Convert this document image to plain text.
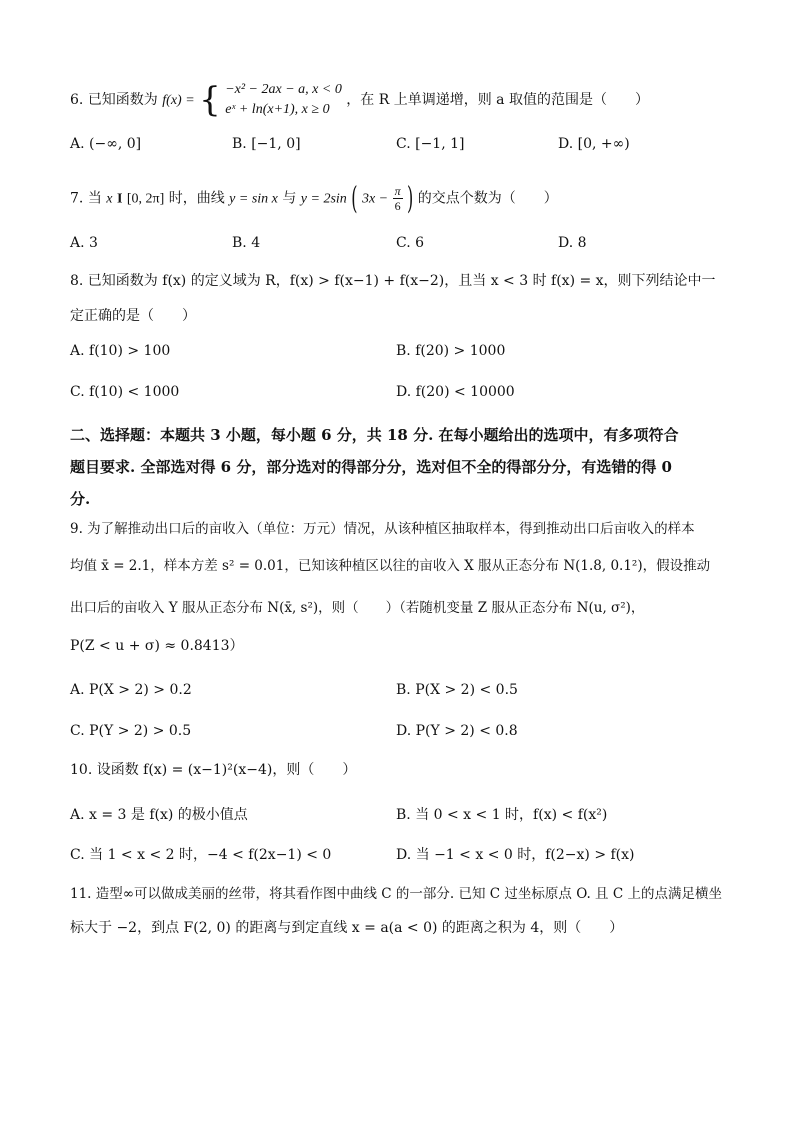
6. 已知函数为 f(x) = { −x² − 2ax − a, x < 0
eˣ + ln(x+1), x ≥ 0
，在 R 上单调递增，则 a 取值的范围是（　　）
A. (−∞, 0]	B. [−1, 0]	C. [−1, 1]	D. [0, +∞)
7. 当 x Ι [0, 2π] 时，曲线 y = sin x 与 y = 2sin ( $3x - \frac{\pi}{6}$ ) 的交点个数为（　　）
A. 3	B. 4	C. 6	D. 8
8. 已知函数为 f(x) 的定义域为 R，f(x) > f(x−1) + f(x−2)，且当 x < 3 时 f(x) = x，则下列结论中一
定正确的是（　　）
A. f(10) > 100	B. f(20) > 1000
C. f(10) < 1000	D. f(20) < 10000
二、选择题：本题共 3 小题，每小题 6 分，共 18 分. 在每小题给出的选项中，有多项符合
题目要求. 全部选对得 6 分，部分选对的得部分分，选对但不全的得部分分，有选错的得 0
分.
9. 为了解推动出口后的亩收入（单位：万元）情况，从该种植区抽取样本，得到推动出口后亩收入的样本
均值 x̄ = 2.1，样本方差 s² = 0.01，已知该种植区以往的亩收入 X 服从正态分布 N(1.8, 0.1²)，假设推动
出口后的亩收入 Y 服从正态分布 N(x̄, s²)，则（　　）（若随机变量 Z 服从正态分布 N(u, σ²)，
P(Z < u + σ) ≈ 0.8413）
A. P(X > 2) > 0.2	B. P(X > 2) < 0.5
C. P(Y > 2) > 0.5	D. P(Y > 2) < 0.8
10. 设函数 f(x) = (x−1)²(x−4)，则（　　）
A. x = 3 是 f(x) 的极小值点	B. 当 0 < x < 1 时，f(x) < f(x²)
C. 当 1 < x < 2 时，−4 < f(2x−1) < 0	D. 当 −1 < x < 0 时，f(2−x) > f(x)
11. 造型∞可以做成美丽的丝带，将其看作图中曲线 C 的一部分. 已知 C 过坐标原点 O. 且 C 上的点满足横坐
标大于 −2，到点 F(2, 0) 的距离与到定直线 x = a(a < 0) 的距离之积为 4，则（　　）
